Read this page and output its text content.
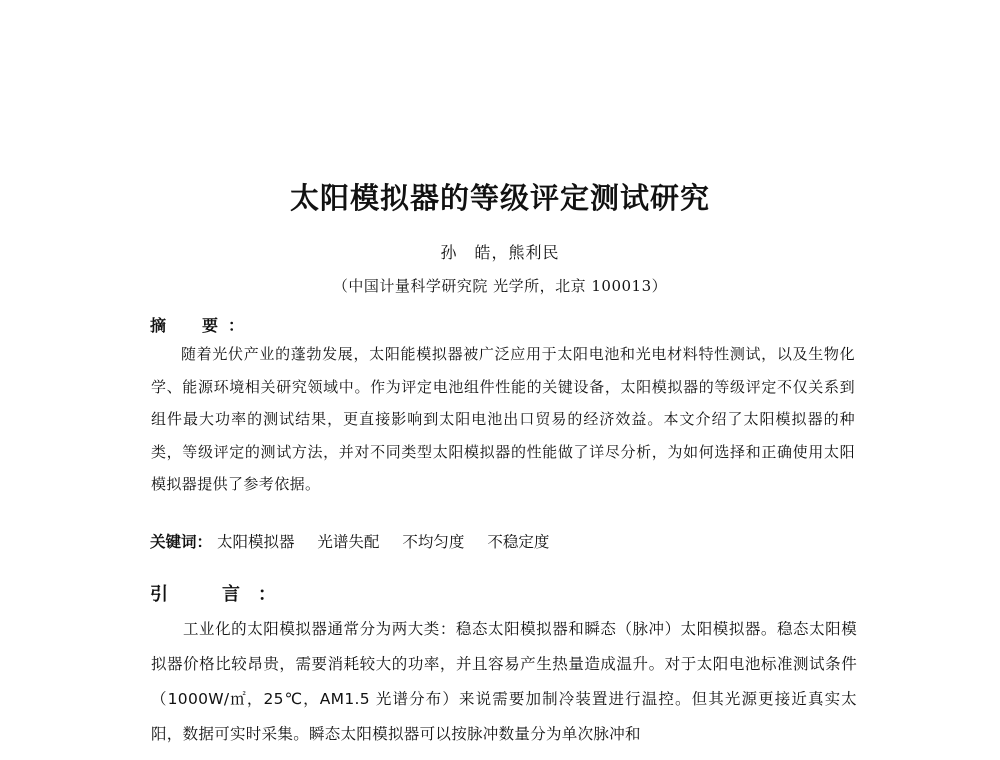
太阳模拟器的等级评定测试研究
孙　皓，熊利民
（中国计量科学研究院 光学所，北京 100013）
摘　要：
随着光伏产业的蓬勃发展，太阳能模拟器被广泛应用于太阳电池和光电材料特性测试，以及生物化学、能源环境相关研究领域中。作为评定电池组件性能的关键设备，太阳模拟器的等级评定不仅关系到组件最大功率的测试结果，更直接影响到太阳电池出口贸易的经济效益。本文介绍了太阳模拟器的种类，等级评定的测试方法，并对不同类型太阳模拟器的性能做了详尽分析，为如何选择和正确使用太阳模拟器提供了参考依据。
关键词： 太阳模拟器 光谱失配 不均匀度 不稳定度
引　言：
工业化的太阳模拟器通常分为两大类：稳态太阳模拟器和瞬态（脉冲）太阳模拟器。稳态太阳模拟器价格比较昂贵，需要消耗较大的功率，并且容易产生热量造成温升。对于太阳电池标准测试条件（1000W/㎡，25℃，AM1.5 光谱分布）来说需要加制冷装置进行温控。但其光源更接近真实太阳，数据可实时采集。瞬态太阳模拟器可以按脉冲数量分为单次脉冲和
